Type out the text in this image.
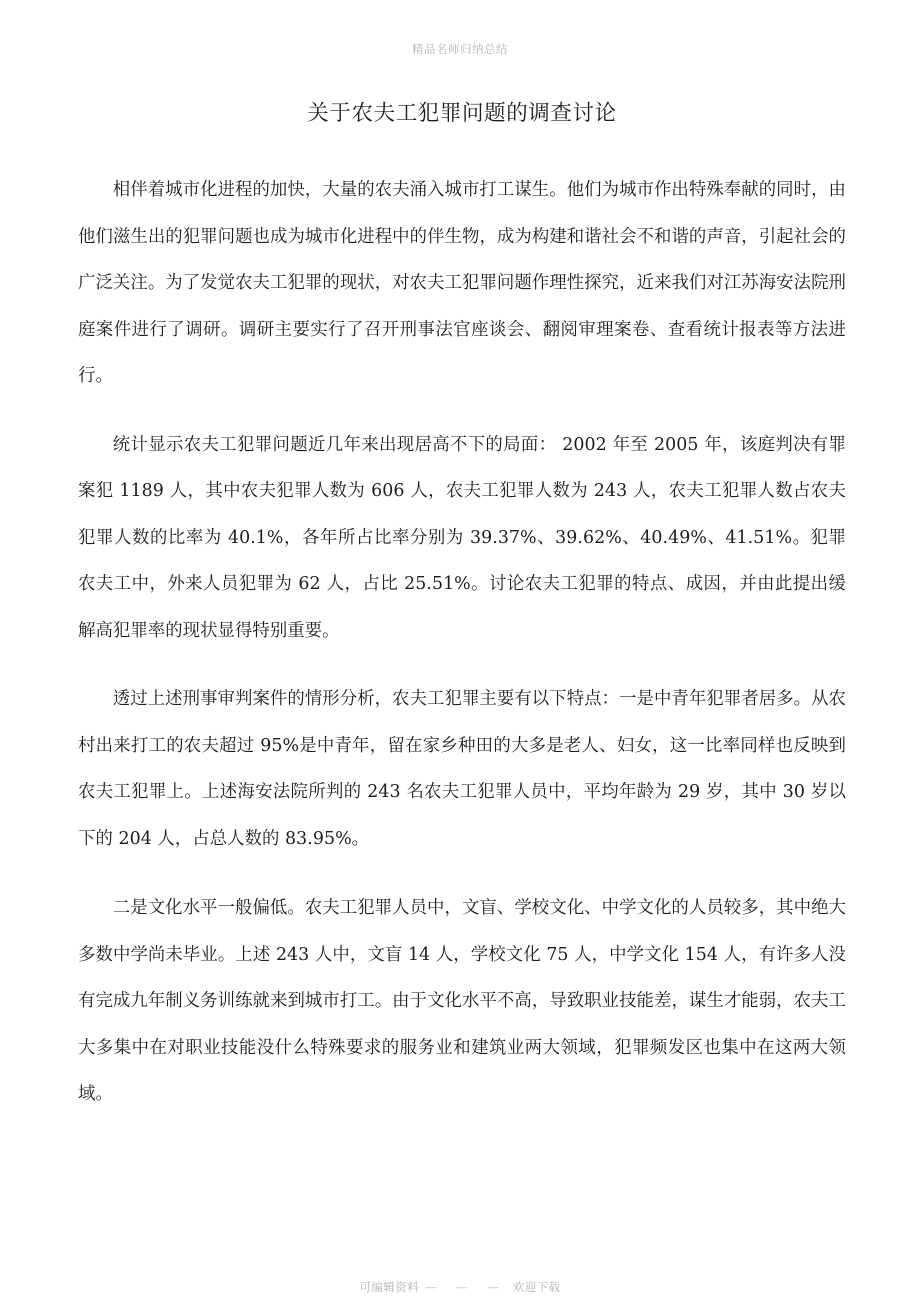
精品名师归纳总结
关于农夫工犯罪问题的调查讨论

相伴着城市化进程的加快，大量的农夫涌入城市打工谋生。他们为城市作出特殊奉献的同时，由他们滋生出的犯罪问题也成为城市化进程中的伴生物，成为构建和谐社会不和谐的声音，引起社会的广泛关注。为了发觉农夫工犯罪的现状，对农夫工犯罪问题作理性探究，近来我们对江苏海安法院刑庭案件进行了调研。调研主要实行了召开刑事法官座谈会、翻阅审理案卷、查看统计报表等方法进行。

统计显示农夫工犯罪问题近几年来出现居高不下的局面： 2002 年至 2005 年，该庭判决有罪案犯 1189 人，其中农夫犯罪人数为 606 人，农夫工犯罪人数为 243 人，农夫工犯罪人数占农夫犯罪人数的比率为 40.1%，各年所占比率分别为 39.37%、39.62%、40.49%、41.51%。犯罪农夫工中，外来人员犯罪为 62 人，占比 25.51%。讨论农夫工犯罪的特点、成因，并由此提出缓解高犯罪率的现状显得特别重要。

透过上述刑事审判案件的情形分析，农夫工犯罪主要有以下特点：一是中青年犯罪者居多。从农村出来打工的农夫超过 95%是中青年，留在家乡种田的大多是老人、妇女，这一比率同样也反映到农夫工犯罪上。上述海安法院所判的 243 名农夫工犯罪人员中，平均年龄为 29 岁，其中 30 岁以下的 204 人，占总人数的 83.95%。

二是文化水平一般偏低。农夫工犯罪人员中，文盲、学校文化、中学文化的人员较多，其中绝大多数中学尚未毕业。上述 243 人中，文盲 14 人，学校文化 75 人，中学文化 154 人，有许多人没有完成九年制义务训练就来到城市打工。由于文化水平不高，导致职业技能差，谋生才能弱，农夫工大多集中在对职业技能没什么特殊要求的服务业和建筑业两大领域，犯罪频发区也集中在这两大领域。

可编辑资料 — — — 欢迎下载
